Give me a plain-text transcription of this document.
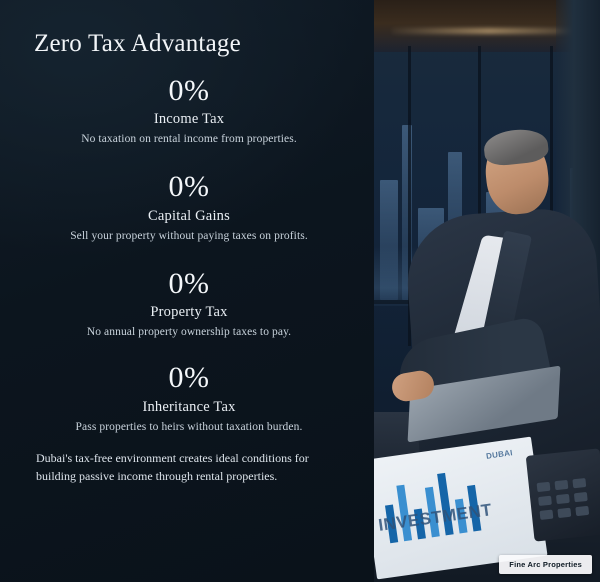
Zero Tax Advantage
0%
Income Tax
No taxation on rental income from properties.
0%
Capital Gains
Sell your property without paying taxes on profits.
0%
Property Tax
No annual property ownership taxes to pay.
0%
Inheritance Tax
Pass properties to heirs without taxation burden.
Dubai's tax-free environment creates ideal conditions for building passive income through rental properties.
DUBAI
INVESTMENT
Fine Arc Properties
